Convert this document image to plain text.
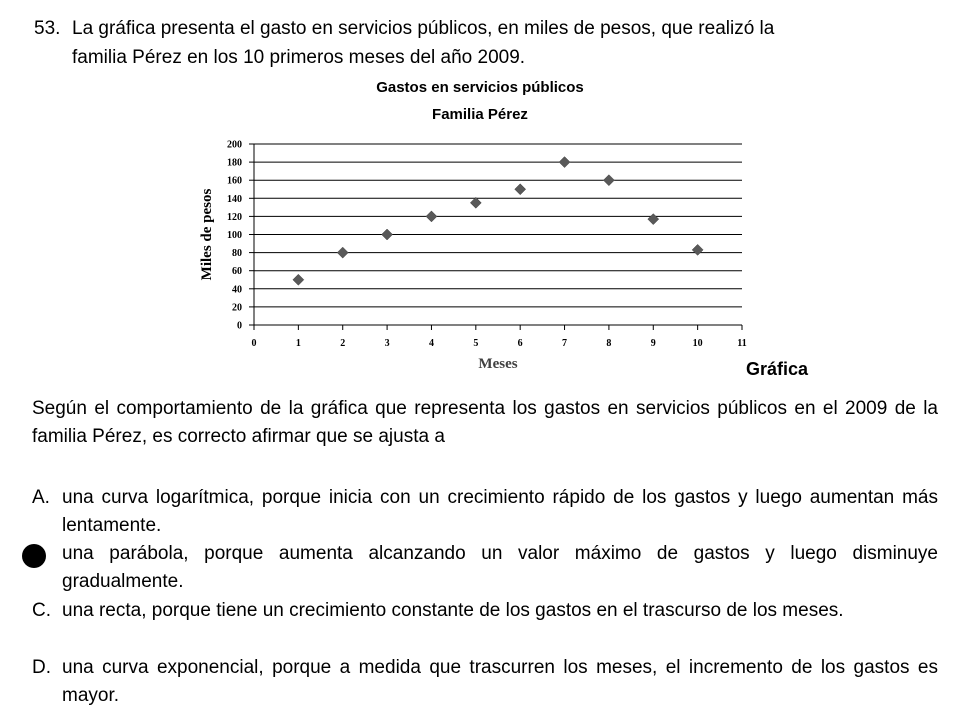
53. La gráfica presenta el gasto en servicios públicos, en miles de pesos, que realizó la
familia Pérez en los 10 primeros meses del año 2009.
Gastos en servicios públicos
Familia Pérez
0
20
40
60
80
100
120
140
160
180
200
0	1	2	3	4	5	6	7	8	9	10	11
Meses
Miles de pesos
Gráfica
Según el comportamiento de la gráfica que representa los gastos en servicios públicos en el 2009 de la familia Pérez, es correcto afirmar que se ajusta a
A. una curva logarítmica, porque inicia con un crecimiento rápido de los gastos y luego aumentan más lentamente.
una parábola, porque aumenta alcanzando un valor máximo de gastos y luego disminuye gradualmente.
C. una recta, porque tiene un crecimiento constante de los gastos en el trascurso de los meses.
D. una curva exponencial, porque a medida que trascurren los meses, el incremento de los gastos es mayor.
